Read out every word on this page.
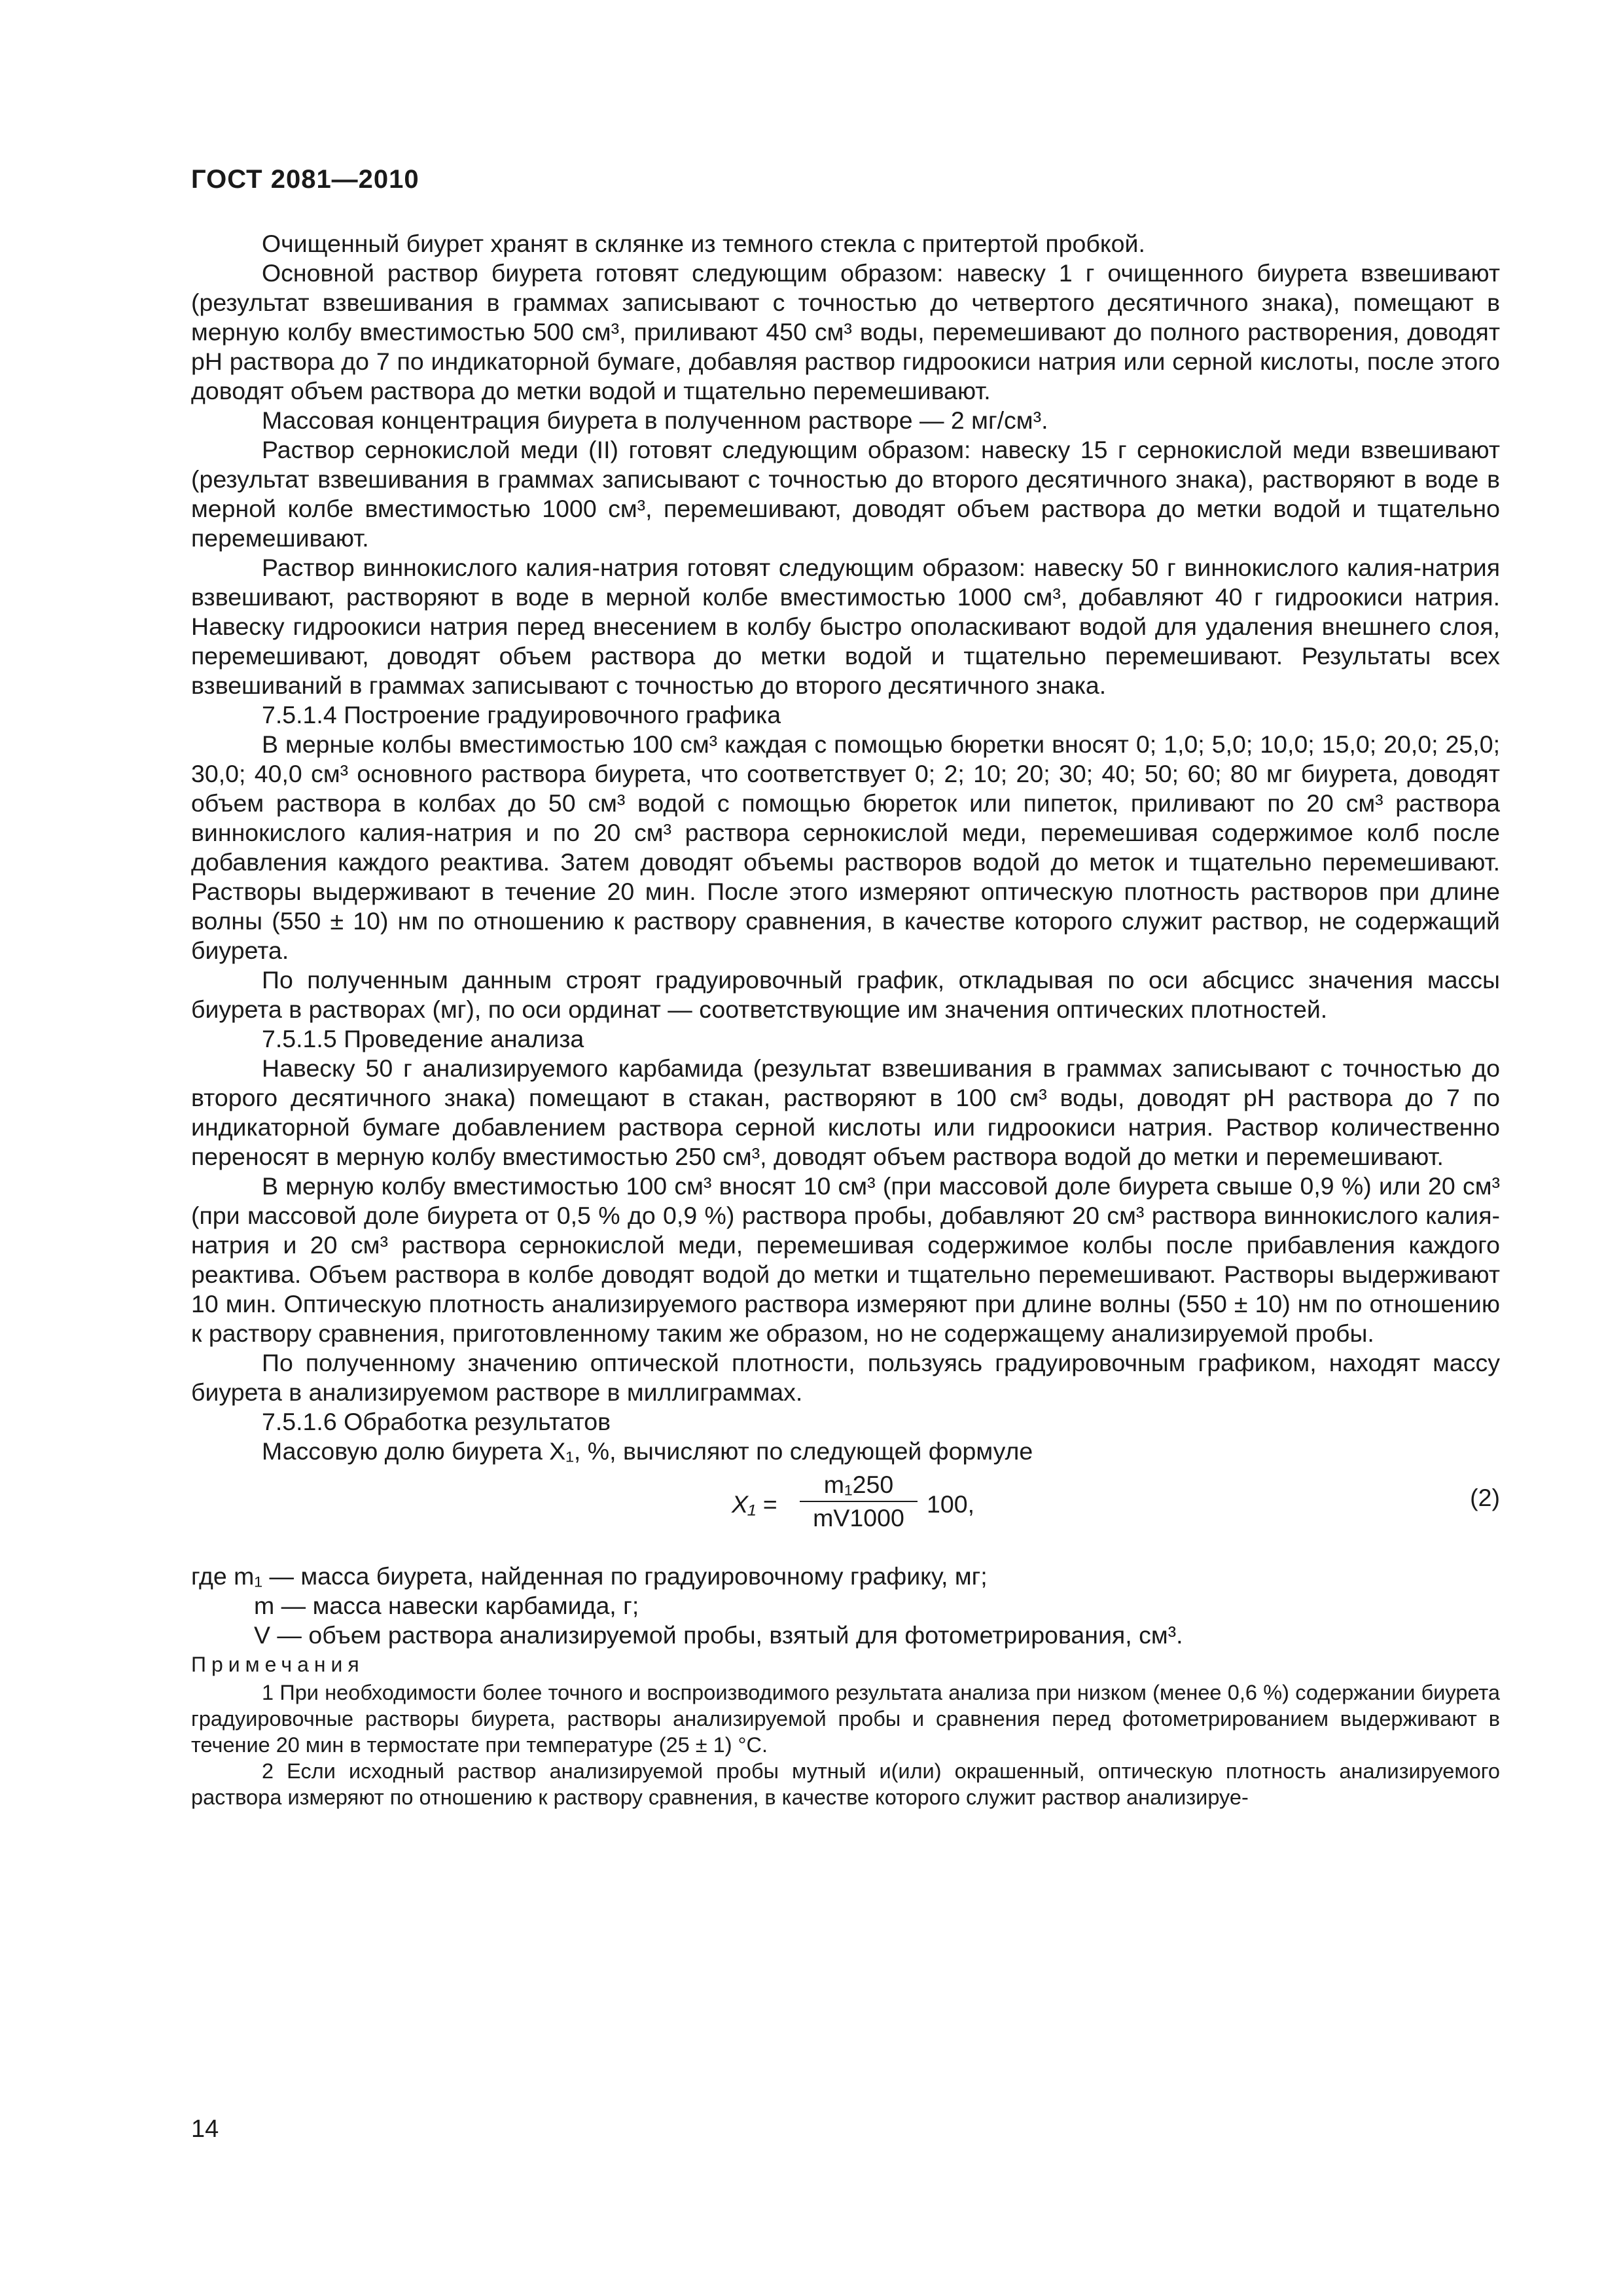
ГОСТ 2081—2010

Очищенный биурет хранят в склянке из темного стекла с притертой пробкой.

Основной раствор биурета готовят следующим образом: навеску 1 г очищенного биурета взвешивают (результат взвешивания в граммах записывают с точностью до четвертого десятичного знака), помещают в мерную колбу вместимостью 500 см³, приливают 450 см³ воды, перемешивают до полного растворения, доводят pH раствора до 7 по индикаторной бумаге, добавляя раствор гидроокиси натрия или серной кислоты, после этого доводят объем раствора до метки водой и тщательно перемешивают.

Массовая концентрация биурета в полученном растворе — 2 мг/см³.

Раствор сернокислой меди (II) готовят следующим образом: навеску 15 г сернокислой меди взвешивают (результат взвешивания в граммах записывают с точностью до второго десятичного знака), растворяют в воде в мерной колбе вместимостью 1000 см³, перемешивают, доводят объем раствора до метки водой и тщательно перемешивают.

Раствор виннокислого калия-натрия готовят следующим образом: навеску 50 г виннокислого калия-натрия взвешивают, растворяют в воде в мерной колбе вместимостью 1000 см³, добавляют 40 г гидроокиси натрия. Навеску гидроокиси натрия перед внесением в колбу быстро ополаскивают водой для удаления внешнего слоя, перемешивают, доводят объем раствора до метки водой и тщательно перемешивают. Результаты всех взвешиваний в граммах записывают с точностью до второго десятичного знака.

7.5.1.4 Построение градуировочного графика

В мерные колбы вместимостью 100 см³ каждая с помощью бюретки вносят 0; 1,0; 5,0; 10,0; 15,0; 20,0; 25,0; 30,0; 40,0 см³ основного раствора биурета, что соответствует 0; 2; 10; 20; 30; 40; 50; 60; 80 мг биурета, доводят объем раствора в колбах до 50 см³ водой с помощью бюреток или пипеток, приливают по 20 см³ раствора виннокислого калия-натрия и по 20 см³ раствора сернокислой меди, перемешивая содержимое колб после добавления каждого реактива. Затем доводят объемы растворов водой до меток и тщательно перемешивают. Растворы выдерживают в течение 20 мин. После этого измеряют оптическую плотность растворов при длине волны (550 ± 10) нм по отношению к раствору сравнения, в качестве которого служит раствор, не содержащий биурета.

По полученным данным строят градуировочный график, откладывая по оси абсцисс значения массы биурета в растворах (мг), по оси ординат — соответствующие им значения оптических плотностей.

7.5.1.5 Проведение анализа

Навеску 50 г анализируемого карбамида (результат взвешивания в граммах записывают с точностью до второго десятичного знака) помещают в стакан, растворяют в 100 см³ воды, доводят pH раствора до 7 по индикаторной бумаге добавлением раствора серной кислоты или гидроокиси натрия. Раствор количественно переносят в мерную колбу вместимостью 250 см³, доводят объем раствора водой до метки и перемешивают.

В мерную колбу вместимостью 100 см³ вносят 10 см³ (при массовой доле биурета свыше 0,9 %) или 20 см³ (при массовой доле биурета от 0,5 % до 0,9 %) раствора пробы, добавляют 20 см³ раствора виннокислого калия-натрия и 20 см³ раствора сернокислой меди, перемешивая содержимое колбы после прибавления каждого реактива. Объем раствора в колбе доводят водой до метки и тщательно перемешивают. Растворы выдерживают 10 мин. Оптическую плотность анализируемого раствора измеряют при длине волны (550 ± 10) нм по отношению к раствору сравнения, приготовленному таким же образом, но не содержащему анализируемой пробы.

По полученному значению оптической плотности, пользуясь градуировочным графиком, находят массу биурета в анализируемом растворе в миллиграммах.

7.5.1.6 Обработка результатов

Массовую долю биурета X₁, %, вычисляют по следующей формуле

$X_1 = \frac{\text{m₁250}}{mV1000} 100$,	(2)

где m₁ — масса биурета, найденная по градуировочному графику, мг;

m — масса навески карбамида, г;

V — объем раствора анализируемой пробы, взятый для фотометрирования, см³.

Примечания

1 При необходимости более точного и воспроизводимого результата анализа при низком (менее 0,6 %) содержании биурета градуировочные растворы биурета, растворы анализируемой пробы и сравнения перед фотометрированием выдерживают в течение 20 мин в термостате при температуре (25 ± 1) °С.

2 Если исходный раствор анализируемой пробы мутный и(или) окрашенный, оптическую плотность анализируемого раствора измеряют по отношению к раствору сравнения, в качестве которого служит раствор анализируе-

14
